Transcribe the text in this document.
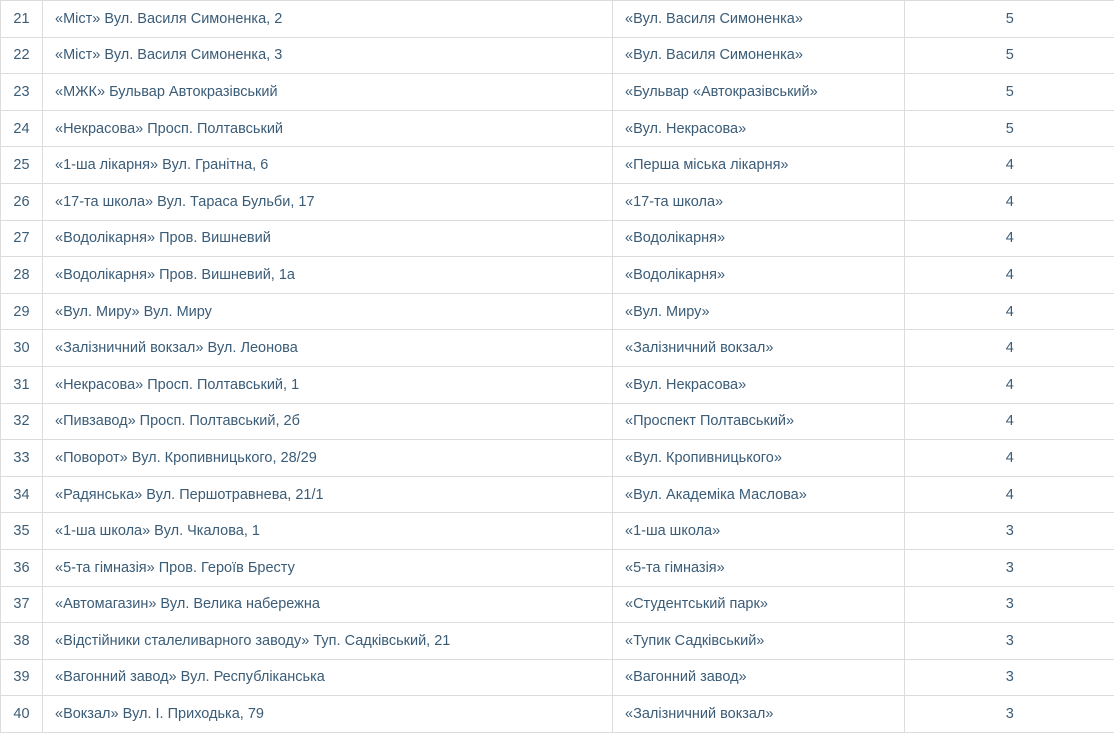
21	«Міст» Вул. Василя Симоненка, 2	«Вул. Василя Симоненка»	5
22	«Міст» Вул. Василя Симоненка, 3	«Вул. Василя Симоненка»	5
23	«МЖК» Бульвар Автокразівський	«Бульвар «Автокразівський»	5
24	«Некрасова» Просп. Полтавський	«Вул. Некрасова»	5
25	«1-ша лікарня» Вул. Гранітна, 6	«Перша міська лікарня»	4
26	«17-та школа» Вул. Тараса Бульби, 17	«17-та школа»	4
27	«Водолікарня» Пров. Вишневий	«Водолікарня»	4
28	«Водолікарня» Пров. Вишневий, 1а	«Водолікарня»	4
29	«Вул. Миру» Вул. Миру	«Вул. Миру»	4
30	«Залізничний вокзал» Вул. Леонова	«Залізничний вокзал»	4
31	«Некрасова» Просп. Полтавський, 1	«Вул. Некрасова»	4
32	«Пивзавод» Просп. Полтавський, 2б	«Проспект Полтавський»	4
33	«Поворот» Вул. Кропивницького, 28/29	«Вул. Кропивницького»	4
34	«Радянська» Вул. Першотравнева, 21/1	«Вул. Академіка Маслова»	4
35	«1-ша школа» Вул. Чкалова, 1	«1-ша школа»	3
36	«5-та гімназія» Пров. Героїв Бресту	«5-та гімназія»	3
37	«Автомагазин» Вул. Велика набережна	«Студентський парк»	3
38	«Відстійники сталеливарного заводу» Туп. Садківський, 21	«Тупик Садківський»	3
39	«Вагонний завод» Вул. Республіканська	«Вагонний завод»	3
40	«Вокзал» Вул. І. Приходька, 79	«Залізничний вокзал»	3
